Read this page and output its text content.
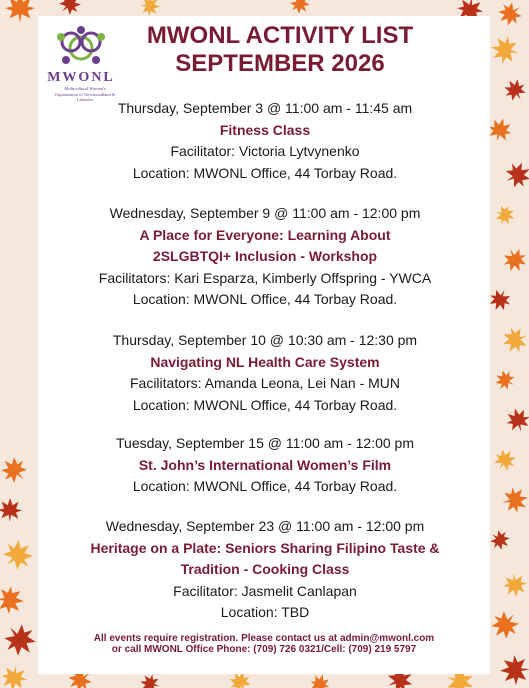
MWONL
Multicultural Women's Organization of Newfoundland & Labrador
MWONL ACTIVITY LIST
SEPTEMBER 2026
Thursday, September 3 @ 11:00 am - 11:45 am
Fitness Class
Facilitator: Victoria Lytvynenko
Location: MWONL Office, 44 Torbay Road.
Wednesday, September 9 @ 11:00 am - 12:00 pm
A Place for Everyone: Learning About
2SLGBTQI+ Inclusion - Workshop
Facilitators: Kari Esparza, Kimberly Offspring - YWCA
Location: MWONL Office, 44 Torbay Road.
Thursday, September 10 @ 10:30 am - 12:30 pm
Navigating NL Health Care System
Facilitators: Amanda Leona, Lei Nan - MUN
Location: MWONL Office, 44 Torbay Road.
Tuesday, September 15 @ 11:00 am - 12:00 pm
St. John’s International Women’s Film
Location: MWONL Office, 44 Torbay Road.
Wednesday, September 23 @ 11:00 am - 12:00 pm
Heritage on a Plate: Seniors Sharing Filipino Taste &
Tradition - Cooking Class
Facilitator: Jasmelit Canlapan
Location: TBD
All events require registration. Please contact us at admin@mwonl.com
or call MWONL Office Phone: (709) 726 0321/Cell: (709) 219 5797
